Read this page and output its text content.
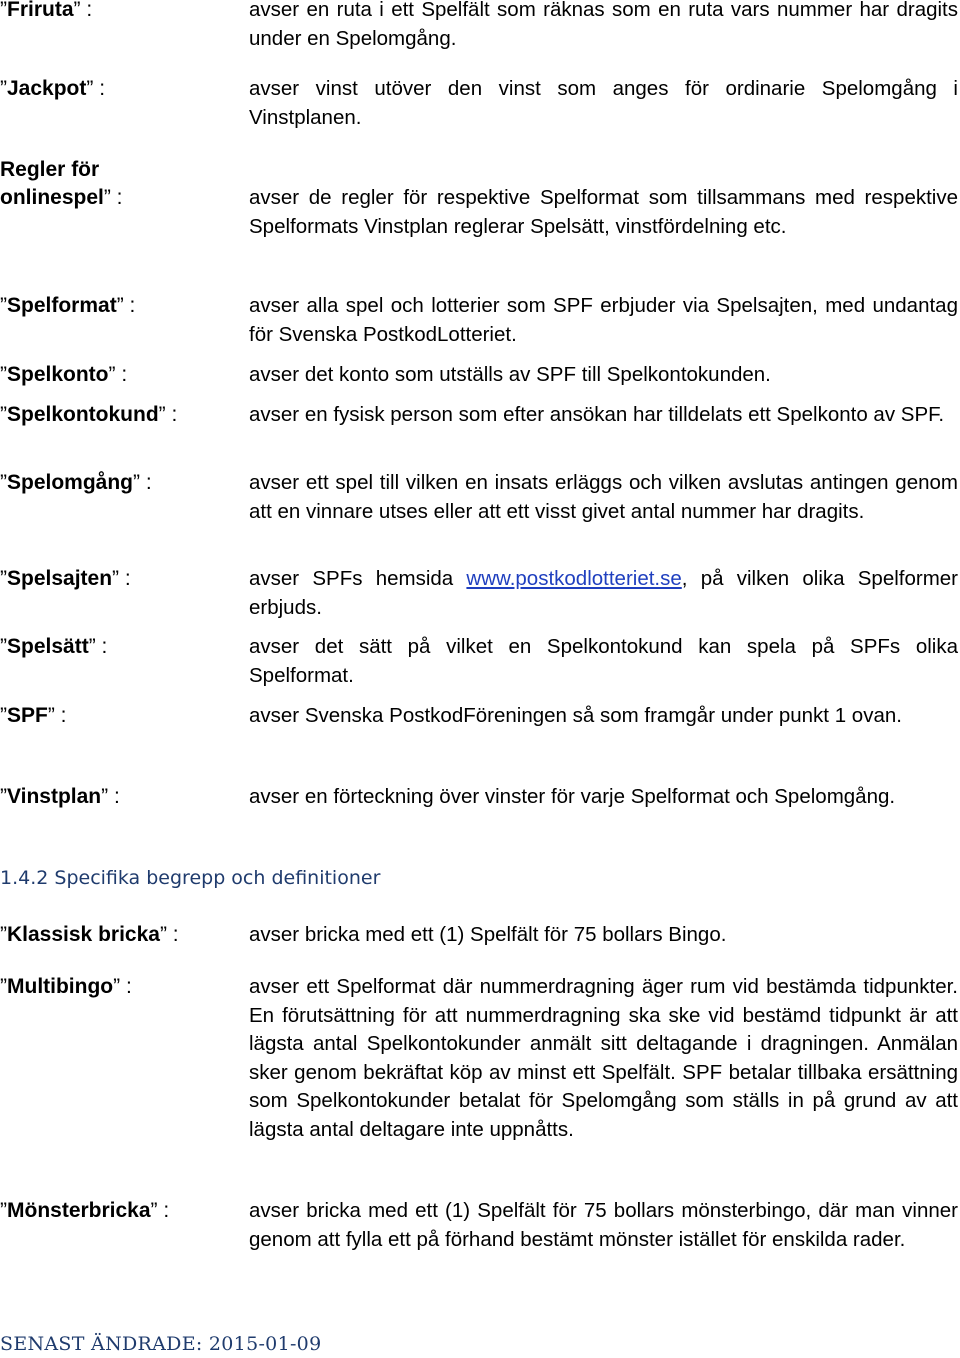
”Friruta” :	avser en ruta i ett Spelfält som räknas som en ruta vars nummer har dragits under en Spelomgång.
”Jackpot” :	avser vinst utöver den vinst som anges för ordinarie Spelomgång i Vinstplanen.
Regler för
onlinespel” :	avser de regler för respektive Spelformat som tillsammans med respektive Spelformats Vinstplan reglerar Spelsätt, vinstfördelning etc.
”Spelformat” :	avser alla spel och lotterier som SPF erbjuder via Spelsajten, med undantag för Svenska PostkodLotteriet.
”Spelkonto” :	avser det konto som utställs av SPF till Spelkontokunden.
”Spelkontokund” :	avser en fysisk person som efter ansökan har tilldelats ett Spelkonto av SPF.
”Spelomgång” :	avser ett spel till vilken en insats erläggs och vilken avslutas antingen genom att en vinnare utses eller att ett visst givet antal nummer har dragits.
”Spelsajten” :	avser SPFs hemsida www.postkodlotteriet.se, på vilken olika Spelformer erbjuds.
”Spelsätt” :	avser det sätt på vilket en Spelkontokund kan spela på SPFs olika Spelformat.
”SPF” :	avser Svenska PostkodFöreningen så som framgår under punkt 1 ovan.
”Vinstplan” :	avser en förteckning över vinster för varje Spelformat och Spelomgång.
1.4.2 Specifika begrepp och definitioner
”Klassisk bricka” :	avser bricka med ett (1) Spelfält för 75 bollars Bingo.
”Multibingo” :	avser ett Spelformat där nummerdragning äger rum vid bestämda tidpunkter. En förutsättning för att nummerdragning ska ske vid bestämd tidpunkt är att lägsta antal Spelkontokunder anmält sitt deltagande i dragningen. Anmälan sker genom bekräftat köp av minst ett Spelfält. SPF betalar tillbaka ersättning som Spelkontokunder betalat för Spelomgång som ställs in på grund av att lägsta antal deltagare inte uppnåtts.
”Mönsterbricka” :	avser bricka med ett (1) Spelfält för 75 bollars mönsterbingo, där man vinner genom att fylla ett på förhand bestämt mönster istället för enskilda rader.
SENAST ÄNDRADE: 2015-01-09
